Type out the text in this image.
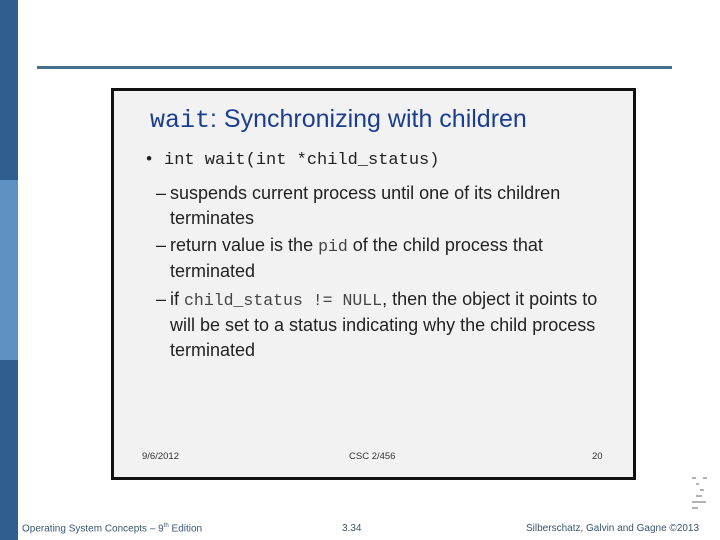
wait: Synchronizing with children
• int wait(int *child_status)
– suspends current process until one of its children terminates
– return value is the pid of the child process that terminated
– if child_status != NULL, then the object it points to will be set to a status indicating why the child process terminated
9/6/2012	CSC 2/456	20
Operating System Concepts – 9th Edition	3.34	Silberschatz, Galvin and Gagne ©2013
